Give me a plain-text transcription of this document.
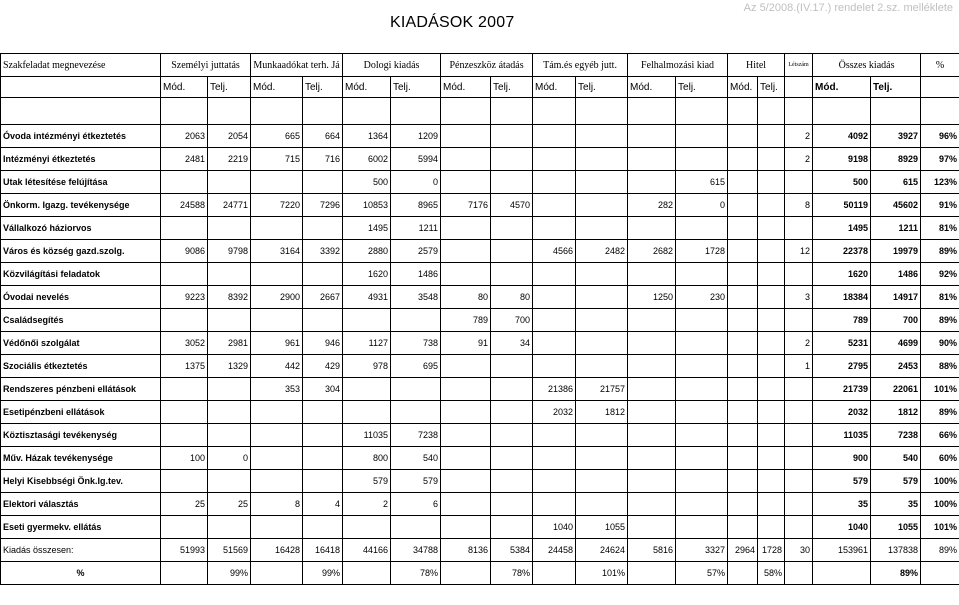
KIADÁSOK 2007
Az 5/2008.(IV.17.) rendelet 2.sz. melléklete
Szakfeladat megnevezése	Személyi juttatás		Munkaadókat terh. Já		Dologi kiadás		Pénzeszköz átadás		Tám.és egyéb jutt.		Felhalmozási kiad		Hitel		Létszám	Összes kiadás		%
	Mód.	Telj.	Mód.	Telj.	Mód.	Telj.	Mód.	Telj.	Mód.	Telj.	Mód.	Telj.	Mód.	Telj.		Mód.	Telj.	

Óvoda intézményi étkeztetés	2063	2054	665	664	1364	1209									2	4092	3927	96%
Intézményi étkeztetés	2481	2219	715	716	6002	5994									2	9198	8929	97%
Utak létesítése felújítása					500	0						615				500	615	123%
Önkorm. Igazg. tevékenysége	24588	24771	7220	7296	10853	8965	7176	4570			282	0			8	50119	45602	91%
Vállalkozó háziorvos					1495	1211										1495	1211	81%
Város és község gazd.szolg.	9086	9798	3164	3392	2880	2579			4566	2482	2682	1728			12	22378	19979	89%
Közvilágítási feladatok					1620	1486										1620	1486	92%
Óvodai nevelés	9223	8392	2900	2667	4931	3548	80	80			1250	230			3	18384	14917	81%
Családsegítés							789	700								789	700	89%
Védőnői szolgálat	3052	2981	961	946	1127	738	91	34							2	5231	4699	90%
Szociális étkeztetés	1375	1329	442	429	978	695									1	2795	2453	88%
Rendszeres pénzbeni ellátások			353	304					21386	21757						21739	22061	101%
Esetipénzbeni ellátások									2032	1812						2032	1812	89%
Köztisztasági tevékenység					11035	7238										11035	7238	66%
Műv. Házak tevékenysége	100	0			800	540										900	540	60%
Helyi Kisebbségi Önk.Ig.tev.					579	579										579	579	100%
Elektori választás	25	25	8	4	2	6										35	35	100%
Eseti gyermekv. ellátás									1040	1055						1040	1055	101%
Kiadás összesen:	51993	51569	16428	16418	44166	34788	8136	5384	24458	24624	5816	3327	2964	1728	30	153961	137838	89%
%		99%		99%		78%		78%		101%		57%		58%			89%	
